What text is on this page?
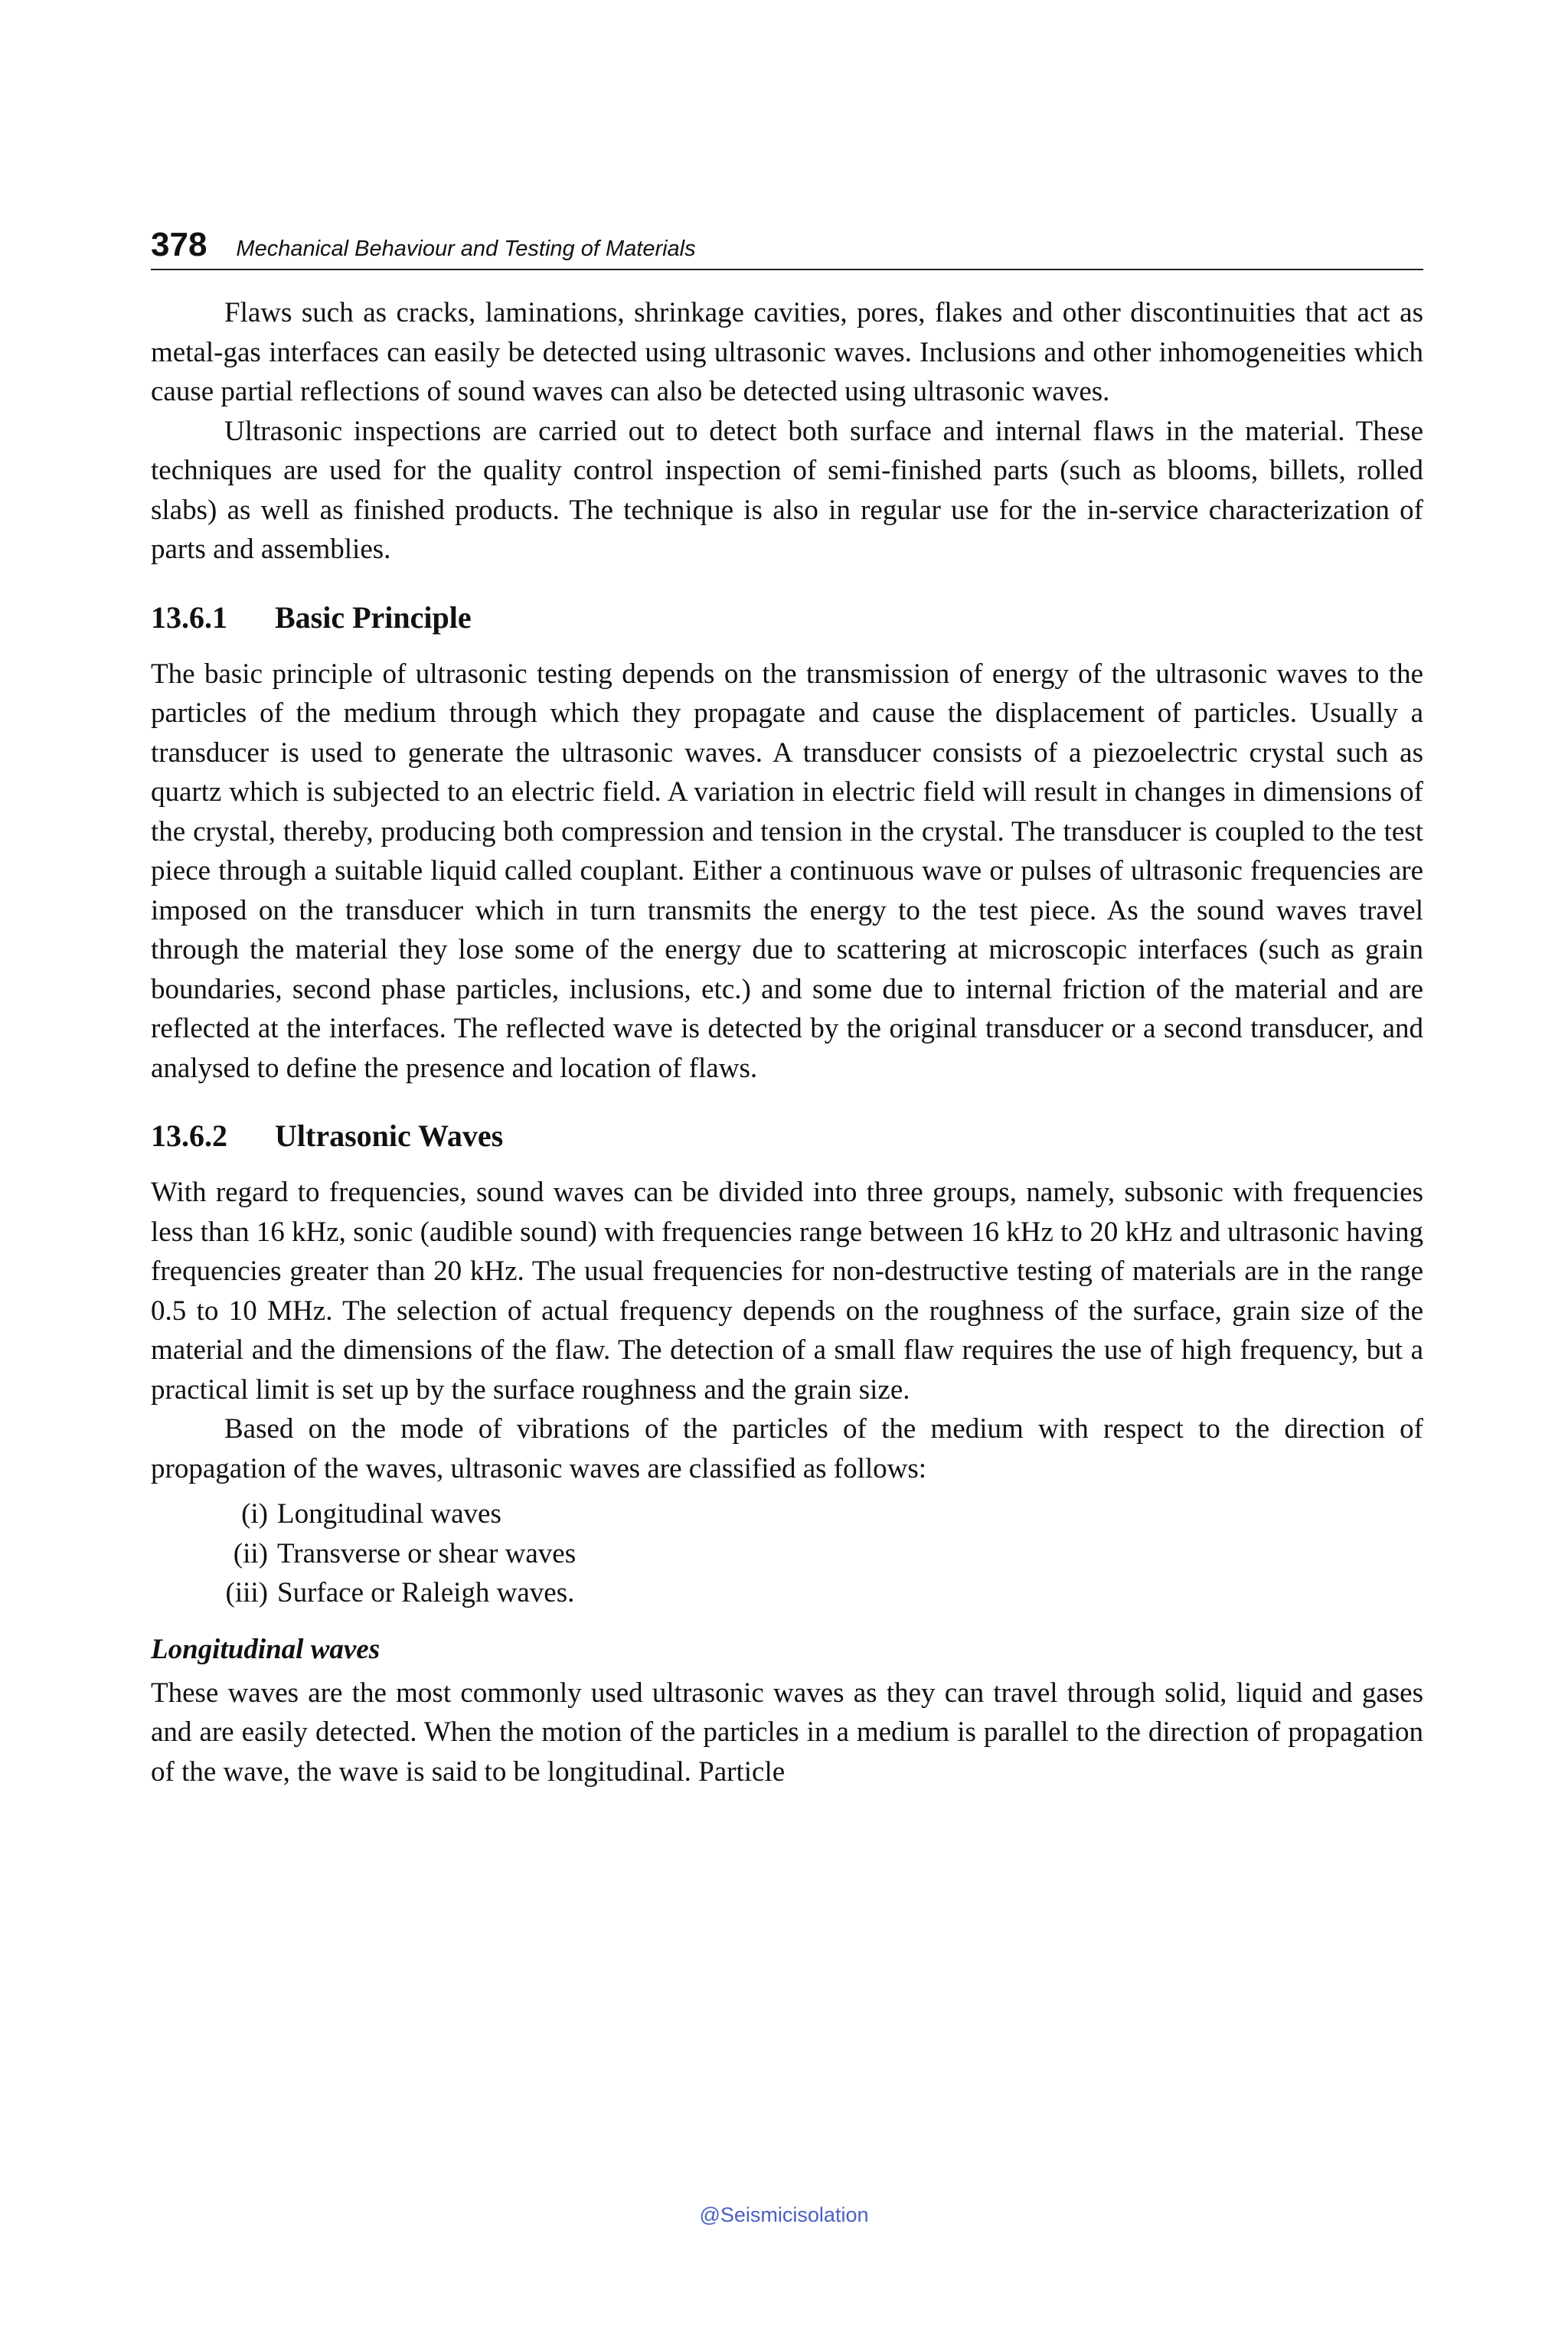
378 Mechanical Behaviour and Testing of Materials

Flaws such as cracks, laminations, shrinkage cavities, pores, flakes and other discontinuities that act as metal-gas interfaces can easily be detected using ultrasonic waves. Inclusions and other inhomogeneities which cause partial reflections of sound waves can also be detected using ultrasonic waves.

Ultrasonic inspections are carried out to detect both surface and internal flaws in the material. These techniques are used for the quality control inspection of semi-finished parts (such as blooms, billets, rolled slabs) as well as finished products. The technique is also in regular use for the in-service characterization of parts and assemblies.

13.6.1 Basic Principle

The basic principle of ultrasonic testing depends on the transmission of energy of the ultrasonic waves to the particles of the medium through which they propagate and cause the displacement of particles. Usually a transducer is used to generate the ultrasonic waves. A transducer consists of a piezoelectric crystal such as quartz which is subjected to an electric field. A variation in electric field will result in changes in dimensions of the crystal, thereby, producing both compression and tension in the crystal. The transducer is coupled to the test piece through a suitable liquid called couplant. Either a continuous wave or pulses of ultrasonic frequencies are imposed on the transducer which in turn transmits the energy to the test piece. As the sound waves travel through the material they lose some of the energy due to scattering at microscopic interfaces (such as grain boundaries, second phase particles, inclusions, etc.) and some due to internal friction of the material and are reflected at the interfaces. The reflected wave is detected by the original transducer or a second transducer, and analysed to define the presence and location of flaws.

13.6.2 Ultrasonic Waves

With regard to frequencies, sound waves can be divided into three groups, namely, subsonic with frequencies less than 16 kHz, sonic (audible sound) with frequencies range between 16 kHz to 20 kHz and ultrasonic having frequencies greater than 20 kHz. The usual frequencies for non-destructive testing of materials are in the range 0.5 to 10 MHz. The selection of actual frequency depends on the roughness of the surface, grain size of the material and the dimensions of the flaw. The detection of a small flaw requires the use of high frequency, but a practical limit is set up by the surface roughness and the grain size.

Based on the mode of vibrations of the particles of the medium with respect to the direction of propagation of the waves, ultrasonic waves are classified as follows:

(i) Longitudinal waves
(ii) Transverse or shear waves
(iii) Surface or Raleigh waves.
Longitudinal waves

These waves are the most commonly used ultrasonic waves as they can travel through solid, liquid and gases and are easily detected. When the motion of the particles in a medium is parallel to the direction of propagation of the wave, the wave is said to be longitudinal. Particle

@Seismicisolation
